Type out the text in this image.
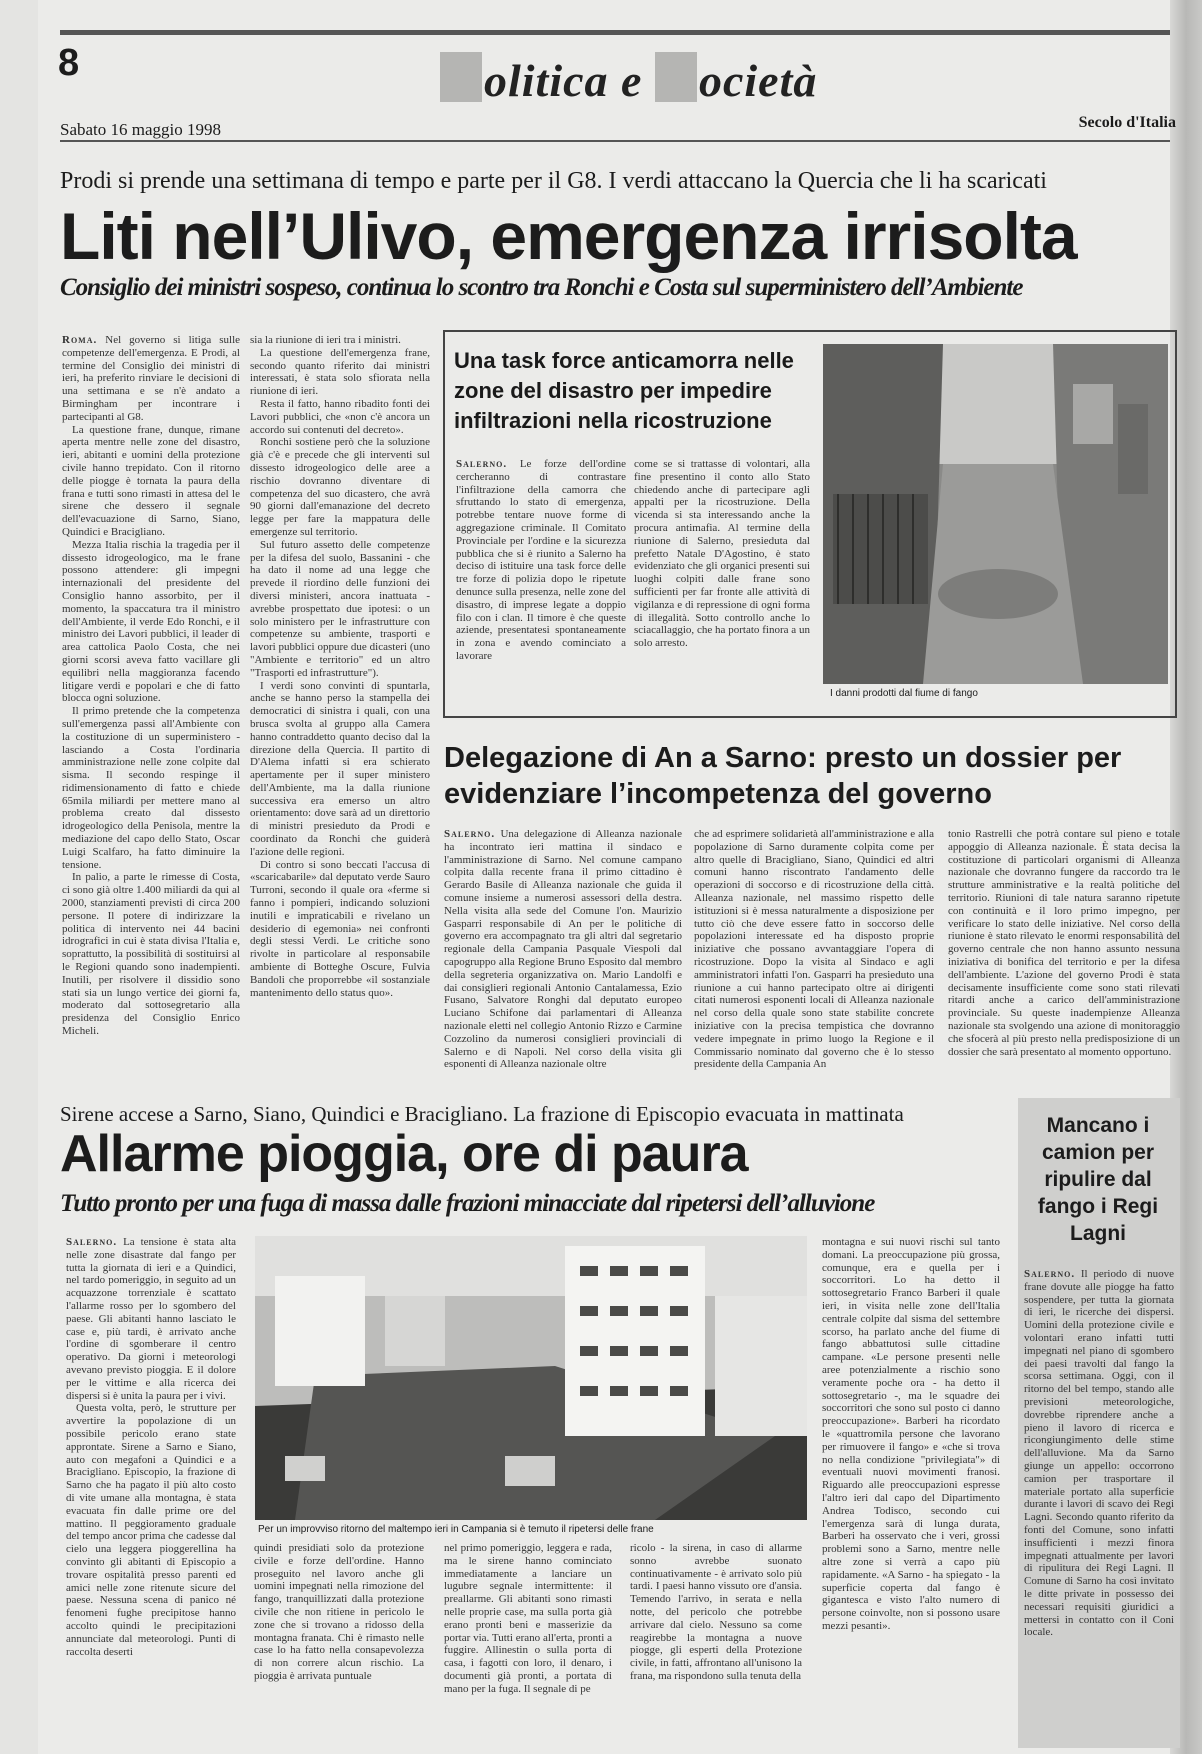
8	olitica e ocietà
Sabato 16 maggio 1998	Secolo d'Italia
Prodi si prende una settimana di tempo e parte per il G8. I verdi attaccano la Quercia che li ha scaricati
Liti nell’Ulivo, emergenza irrisolta
Consiglio dei ministri sospeso, continua lo scontro tra Ronchi e Costa sul superministero dell’Ambiente

Roma. Nel governo si litiga sulle competenze dell'emergenza. E Prodi, al termine del Consiglio dei ministri di ieri, ha preferito rinviare le decisioni di una settimana e se n'è andato a Birmingham per incontrare i partecipanti al G8.

La questione frane, dunque, rimane aperta mentre nelle zone del disastro, ieri, abitanti e uomini della protezione civile hanno trepidato. Con il ritorno delle piogge è tornata la paura della frana e tutti sono rimasti in attesa del le sirene che dessero il segnale dell'evacuazione di Sarno, Siano, Quindici e Bracigliano.

Mezza Italia rischia la tragedia per il dissesto idrogeologico, ma le frane possono attendere: gli impegni internazionali del presidente del Consiglio hanno assorbito, per il momento, la spaccatura tra il ministro dell'Ambiente, il verde Edo Ronchi, e il ministro dei Lavori pubblici, il leader di area cattolica Paolo Costa, che nei giorni scorsi aveva fatto vacillare gli equilibri nella maggioranza facendo litigare verdi e popolari e che di fatto blocca ogni soluzione.

Il primo pretende che la competenza sull'emergenza passi all'Ambiente con la costituzione di un superministero - lasciando a Costa l'ordinaria amministrazione nelle zone colpite dal sisma. Il secondo respinge il ridimensionamento di fatto e chiede 65mila miliardi per mettere mano al problema creato dal dissesto idrogeologico della Penisola, mentre la mediazione del capo dello Stato, Oscar Luigi Scalfaro, ha fatto diminuire la tensione.

In palio, a parte le rimesse di Costa, ci sono già oltre 1.400 miliardi da qui al 2000, stanziamenti previsti di circa 200 persone. Il potere di indirizzare la politica di intervento nei 44 bacini idrografici in cui è stata divisa l'Italia e, soprattutto, la possibilità di sostituirsi al le Regioni quando sono inadempienti. Inutili, per risolvere il dissidio sono stati sia un lungo vertice dei giorni fa, moderato dal sottosegretario alla presidenza del Consiglio Enrico Micheli.

sia la riunione di ieri tra i ministri.

La questione dell'emergenza frane, secondo quanto riferito dai ministri interessati, è stata solo sfiorata nella riunione di ieri.

Resta il fatto, hanno ribadito fonti dei Lavori pubblici, che «non c'è ancora un accordo sui contenuti del decreto».

Ronchi sostiene però che la soluzione già c'è e precede che gli interventi sul dissesto idrogeologico delle aree a rischio dovranno diventare di competenza del suo dicastero, che avrà 90 giorni dall'emanazione del decreto legge per fare la mappatura delle emergenze sul territorio.

Sul futuro assetto delle competenze per la difesa del suolo, Bassanini - che ha dato il nome ad una legge che prevede il riordino delle funzioni dei diversi ministeri, ancora inattuata - avrebbe prospettato due ipotesi: o un solo ministero per le infrastrutture con competenze su ambiente, trasporti e lavori pubblici oppure due dicasteri (uno "Ambiente e territorio" ed un altro "Trasporti ed infrastrutture").

I verdi sono convinti di spuntarla, anche se hanno perso la stampella dei democratici di sinistra i quali, con una brusca svolta al gruppo alla Camera hanno contraddetto quanto deciso dal la direzione della Quercia. Il partito di D'Alema infatti si era schierato apertamente per il super ministero dell'Ambiente, ma la dalla riunione successiva era emerso un altro orientamento: dove sarà ad un direttorio di ministri presieduto da Prodi e coordinato da Ronchi che guiderà l'azione delle regioni.

Di contro si sono beccati l'accusa di «scaricabarile» dal deputato verde Sauro Turroni, secondo il quale ora «ferme si fanno i pompieri, indicando soluzioni inutili e impraticabili e rivelano un desiderio di egemonia» nei confronti degli stessi Verdi. Le critiche sono rivolte in particolare al responsabile ambiente di Botteghe Oscure, Fulvia Bandoli che proporrebbe «il sostanziale mantenimento dello status quo».

Una task force anticamorra nelle zone del disastro per impedire infiltrazioni nella ricostruzione

Salerno. Le forze dell'ordine cercheranno di contrastare l'infiltrazione della camorra che sfruttando lo stato di emergenza, potrebbe tentare nuove forme di aggregazione criminale. Il Comitato Provinciale per l'ordine e la sicurezza pubblica che si è riunito a Salerno ha deciso di istituire una task force delle tre forze di polizia dopo le ripetute denunce sulla presenza, nelle zone del disastro, di imprese legate a doppio filo con i clan. Il timore è che queste aziende, presentatesi spontaneamente in zona e avendo cominciato a lavorare

come se si trattasse di volontari, alla fine presentino il conto allo Stato chiedendo anche di partecipare agli appalti per la ricostruzione. Della vicenda si sta interessando anche la procura antimafia. Al termine della riunione di Salerno, presieduta dal prefetto Natale D'Agostino, è stato evidenziato che gli organici presenti sui luoghi colpiti dalle frane sono sufficienti per far fronte alle attività di vigilanza e di repressione di ogni forma di illegalità. Sotto controllo anche lo sciacallaggio, che ha portato finora a un solo arresto.

I danni prodotti dal fiume di fango
Delegazione di An a Sarno: presto un dossier per evidenziare l’incompetenza del governo

Salerno. Una delegazione di Alleanza nazionale ha incontrato ieri mattina il sindaco e l'amministrazione di Sarno. Nel comune campano colpita dalla recente frana il primo cittadino è Gerardo Basile di Alleanza nazionale che guida il comune insieme a numerosi assessori della destra. Nella visita alla sede del Comune l'on. Maurizio Gasparri responsabile di An per le politiche di governo era accompagnato tra gli altri dal segretario regionale della Campania Pasquale Viespoli dal capogruppo alla Regione Bruno Esposito dal membro della segreteria organizzativa on. Mario Landolfi e dai consiglieri regionali Antonio Cantalamessa, Ezio Fusano, Salvatore Ronghi dal deputato europeo Luciano Schifone dai parlamentari di Alleanza nazionale eletti nel collegio Antonio Rizzo e Carmine Cozzolino da numerosi consiglieri provinciali di Salerno e di Napoli. Nel corso della visita gli esponenti di Alleanza nazionale oltre

che ad esprimere solidarietà all'amministrazione e alla popolazione di Sarno duramente colpita come per altro quelle di Bracigliano, Siano, Quindici ed altri comuni hanno riscontrato l'andamento delle operazioni di soccorso e di ricostruzione della città. Alleanza nazionale, nel massimo rispetto delle istituzioni si è messa naturalmente a disposizione per tutto ciò che deve essere fatto in soccorso delle popolazioni interessate ed ha disposto proprie iniziative che possano avvantaggiare l'opera di ricostruzione. Dopo la visita al Sindaco e agli amministratori infatti l'on. Gasparri ha presieduto una riunione a cui hanno partecipato oltre ai dirigenti citati numerosi esponenti locali di Alleanza nazionale nel corso della quale sono state stabilite concrete iniziative con la precisa tempistica che dovranno vedere impegnate in primo luogo la Regione e il Commissario nominato dal governo che è lo stesso presidente della Campania An

tonio Rastrelli che potrà contare sul pieno e totale appoggio di Alleanza nazionale. È stata decisa la costituzione di particolari organismi di Alleanza nazionale che dovranno fungere da raccordo tra le strutture amministrative e la realtà politiche del territorio. Riunioni di tale natura saranno ripetute con continuità e il loro primo impegno, per verificare lo stato delle iniziative. Nel corso della riunione è stato rilevato le enormi responsabilità del governo centrale che non hanno assunto nessuna iniziativa di bonifica del territorio e per la difesa dell'ambiente. L'azione del governo Prodi è stata decisamente insufficiente come sono stati rilevati ritardi anche a carico dell'amministrazione provinciale. Su queste inadempienze Alleanza nazionale sta svolgendo una azione di monitoraggio che sfocerà al più presto nella predisposizione di un dossier che sarà presentato al momento opportuno.

Sirene accese a Sarno, Siano, Quindici e Bracigliano. La frazione di Episcopio evacuata in mattinata
Allarme pioggia, ore di paura
Tutto pronto per una fuga di massa dalle frazioni minacciate dal ripetersi dell’alluvione

Salerno. La tensione è stata alta nelle zone disastrate dal fango per tutta la giornata di ieri e a Quindici, nel tardo pomeriggio, in seguito ad un acquazzone torrenziale è scattato l'allarme rosso per lo sgombero del paese. Gli abitanti hanno lasciato le case e, più tardi, è arrivato anche l'ordine di sgomberare il centro operativo. Da giorni i meteorologi avevano previsto pioggia. E il dolore per le vittime e alla ricerca dei dispersi si è unita la paura per i vivi.

Questa volta, però, le strutture per avvertire la popolazione di un possibile pericolo erano state approntate. Sirene a Sarno e Siano, auto con megafoni a Quindici e a Bracigliano. Episcopio, la frazione di Sarno che ha pagato il più alto costo di vite umane alla montagna, è stata evacuata fin dalle prime ore del mattino. Il peggioramento graduale del tempo ancor prima che cadesse dal cielo una leggera pioggerellina ha convinto gli abitanti di Episcopio a trovare ospitalità presso parenti ed amici nelle zone ritenute sicure del paese. Nessuna scena di panico né fenomeni fughe precipitose hanno accolto quindi le precipitazioni annunciate dal meteorologi. Punti di raccolta deserti

Per un improvviso ritorno del maltempo ieri in Campania si è temuto il ripetersi delle frane

quindi presidiati solo da protezione civile e forze dell'ordine. Hanno proseguito nel lavoro anche gli uomini impegnati nella rimozione del fango, tranquillizzati dalla protezione civile che non ritiene in pericolo le zone che si trovano a ridosso della montagna franata. Chi è rimasto nelle case lo ha fatto nella consapevolezza di non correre alcun rischio. La pioggia è arrivata puntuale

nel primo pomeriggio, leggera e rada, ma le sirene hanno cominciato immediatamente a lanciare un lugubre segnale intermittente: il preallarme. Gli abitanti sono rimasti nelle proprie case, ma sulla porta già erano pronti beni e masserizie da portar via. Tutti erano all'erta, pronti a fuggire. Allinestin o sulla porta di casa, i fagotti con loro, il denaro, i documenti già pronti, a portata di mano per la fuga. Il segnale di pe

ricolo - la sirena, in caso di allarme sonno avrebbe suonato continuativamente - è arrivato solo più tardi. I paesi hanno vissuto ore d'ansia. Temendo l'arrivo, in serata e nella notte, del pericolo che potrebbe arrivare dal cielo. Nessuno sa come reagirebbe la montagna a nuove piogge, gli esperti della Protezione civile, in fatti, affrontano all'unisono la frana, ma rispondono sulla tenuta della

montagna e sui nuovi rischi sul tanto domani. La preoccupazione più grossa, comunque, era e quella per i soccorritori. Lo ha detto il sottosegretario Franco Barberi il quale ieri, in visita nelle zone dell'Italia centrale colpite dal sisma del settembre scorso, ha parlato anche del fiume di fango abbattutosi sulle cittadine campane. «Le persone presenti nelle aree potenzialmente a rischio sono veramente poche ora - ha detto il sottosegretario -, ma le squadre dei soccorritori che sono sul posto ci danno preoccupazione». Barberi ha ricordato le «quattromila persone che lavorano per rimuovere il fango» e «che si trova no nella condizione "privilegiata"» di eventuali nuovi movimenti franosi. Riguardo alle preoccupazioni espresse l'altro ieri dal capo del Dipartimento Andrea Todisco, secondo cui l'emergenza sarà di lunga durata, Barberi ha osservato che i veri, grossi problemi sono a Sarno, mentre nelle altre zone si verrà a capo più rapidamente. «A Sarno - ha spiegato - la superficie coperta dal fango è gigantesca e visto l'alto numero di persone coinvolte, non si possono usare mezzi pesanti».

Mancano i camion per ripulire dal fango i Regi Lagni

Salerno. Il periodo di nuove frane dovute alle piogge ha fatto sospendere, per tutta la giornata di ieri, le ricerche dei dispersi. Uomini della protezione civile e volontari erano infatti tutti impegnati nel piano di sgombero dei paesi travolti dal fango la scorsa settimana. Oggi, con il ritorno del bel tempo, stando alle previsioni meteorologiche, dovrebbe riprendere anche a pieno il lavoro di ricerca e ricongiungimento delle stime dell'alluvione. Ma da Sarno giunge un appello: occorrono camion per trasportare il materiale portato alla superficie durante i lavori di scavo dei Regi Lagni. Secondo quanto riferito da fonti del Comune, sono infatti insufficienti i mezzi finora impegnati attualmente per lavori di ripulitura dei Regi Lagni. Il Comune di Sarno ha così invitato le ditte private in possesso dei necessari requisiti giuridici a mettersi in contatto con il Coni locale.
